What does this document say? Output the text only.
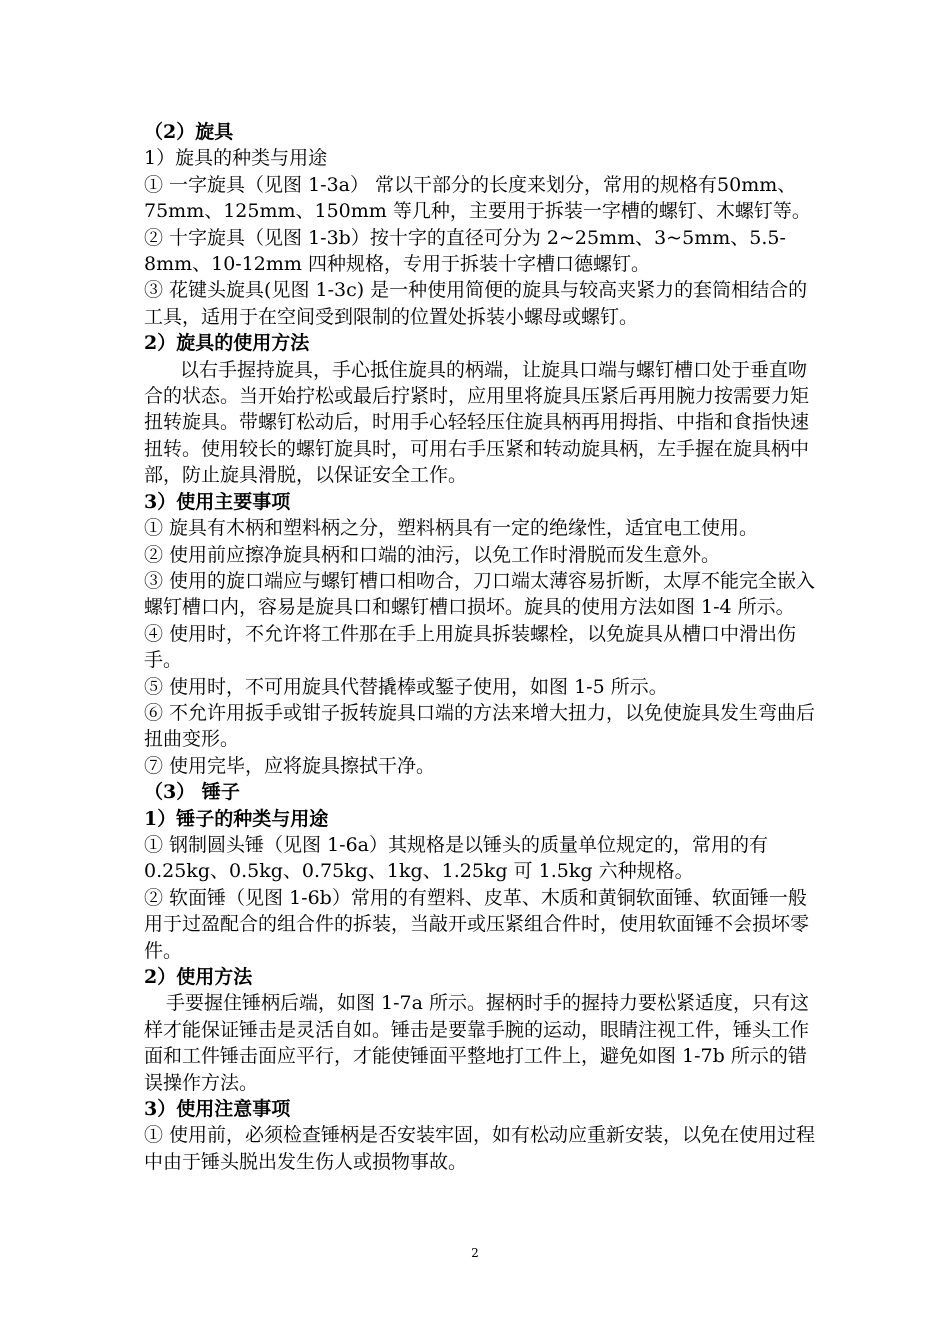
（2）旋具

1）旋具的种类与用途

① 一字旋具（见图 1-3a） 常以干部分的长度来划分，常用的规格有50mm、75mm、125mm、150mm 等几种，主要用于拆装一字槽的螺钉、木螺钉等。

② 十字旋具（见图 1-3b）按十字的直径可分为 2~25mm、3~5mm、5.5-8mm、10-12mm 四种规格，专用于拆装十字槽口德螺钉。

③ 花键头旋具(见图 1-3c) 是一种使用简便的旋具与较高夹紧力的套筒相结合的工具，适用于在空间受到限制的位置处拆装小螺母或螺钉。

2）旋具的使用方法

以右手握持旋具，手心抵住旋具的柄端，让旋具口端与螺钉槽口处于垂直吻合的状态。当开始拧松或最后拧紧时，应用里将旋具压紧后再用腕力按需要力矩扭转旋具。带螺钉松动后，时用手心轻轻压住旋具柄再用拇指、中指和食指快速扭转。使用较长的螺钉旋具时，可用右手压紧和转动旋具柄，左手握在旋具柄中部，防止旋具滑脱，以保证安全工作。

3）使用主要事项

① 旋具有木柄和塑料柄之分，塑料柄具有一定的绝缘性，适宜电工使用。

② 使用前应擦净旋具柄和口端的油污，以免工作时滑脱而发生意外。

③ 使用的旋口端应与螺钉槽口相吻合，刀口端太薄容易折断，太厚不能完全嵌入螺钉槽口内，容易是旋具口和螺钉槽口损坏。旋具的使用方法如图 1-4 所示。

④ 使用时，不允许将工件那在手上用旋具拆装螺栓，以免旋具从槽口中滑出伤手。

⑤ 使用时，不可用旋具代替撬棒或錾子使用，如图 1-5 所示。

⑥ 不允许用扳手或钳子扳转旋具口端的方法来增大扭力，以免使旋具发生弯曲后扭曲变形。

⑦ 使用完毕，应将旋具擦拭干净。

（3） 锤子

1）锤子的种类与用途

① 钢制圆头锤（见图 1-6a）其规格是以锤头的质量单位规定的，常用的有 0.25kg、0.5kg、0.75kg、1kg、1.25kg 可 1.5kg 六种规格。

② 软面锤（见图 1-6b）常用的有塑料、皮革、木质和黄铜软面锤、软面锤一般用于过盈配合的组合件的拆装，当敲开或压紧组合件时，使用软面锤不会损坏零件。

2）使用方法

手要握住锤柄后端，如图 1-7a 所示。握柄时手的握持力要松紧适度，只有这样才能保证锤击是灵活自如。锤击是要靠手腕的运动，眼睛注视工件，锤头工作面和工件锤击面应平行，才能使锤面平整地打工件上，避免如图 1-7b 所示的错误操作方法。

3）使用注意事项

① 使用前，必须检查锤柄是否安装牢固，如有松动应重新安装，以免在使用过程中由于锤头脱出发生伤人或损物事故。

2
